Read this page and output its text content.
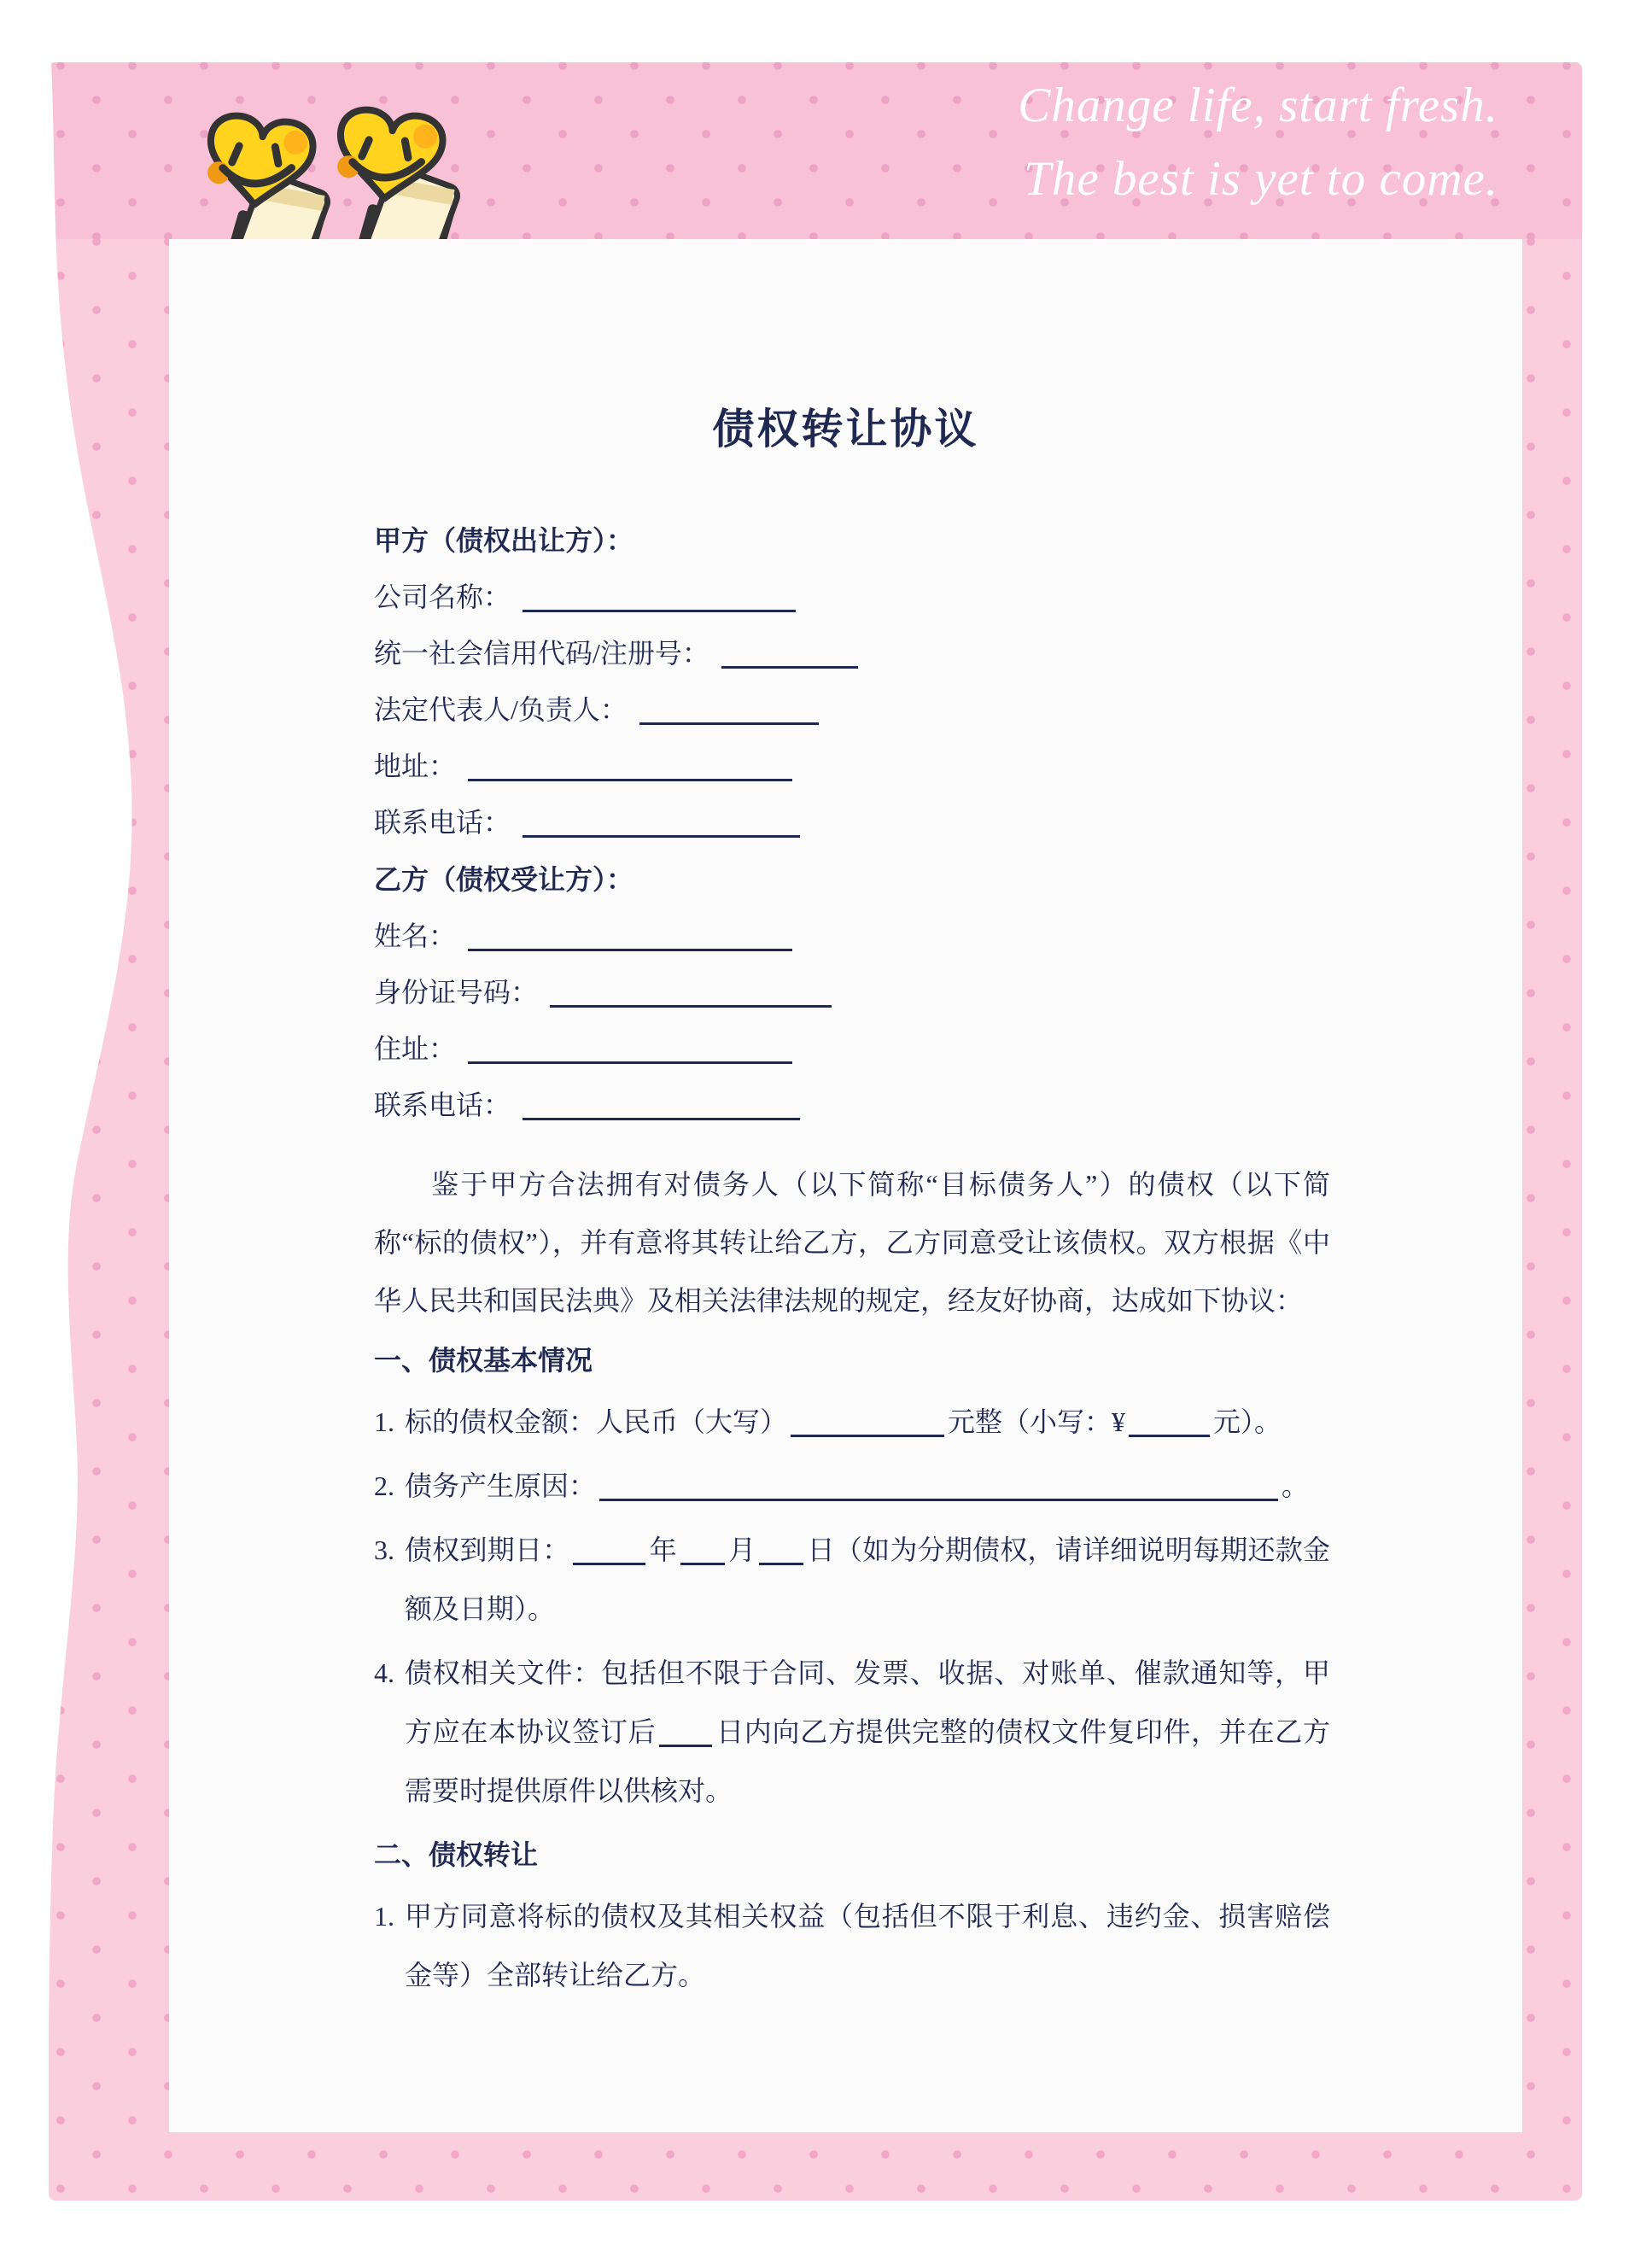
Change life, start fresh.
The best is yet to come.
债权转让协议
甲方（债权出让方）：
公司名称：
统一社会信用代码/注册号：
法定代表人/负责人：
地址：
联系电话：
乙方（债权受让方）：
姓名：
身份证号码：
住址：
联系电话：

鉴于甲方合法拥有对债务人（以下简称“目标债务人”）的债权（以下简称“标的债权”），并有意将其转让给乙方，乙方同意受让该债权。双方根据《中华人民共和国民法典》及相关法律法规的规定，经友好协商，达成如下协议：

一、债权基本情况
1. 标的债权金额：人民币（大写）	元整（小写：¥	元）。
2. 债务产生原因：	。
3. 债权到期日：	年 月 日（如为分期债权，请详细说明每期还款金额及日期）。
4. 债权相关文件：包括但不限于合同、发票、收据、对账单、催款通知等，甲方应在本协议签订后 日内向乙方提供完整的债权文件复印件，并在乙方需要时提供原件以供核对。
二、债权转让
1. 甲方同意将标的债权及其相关权益（包括但不限于利息、违约金、损害赔偿金等）全部转让给乙方。
